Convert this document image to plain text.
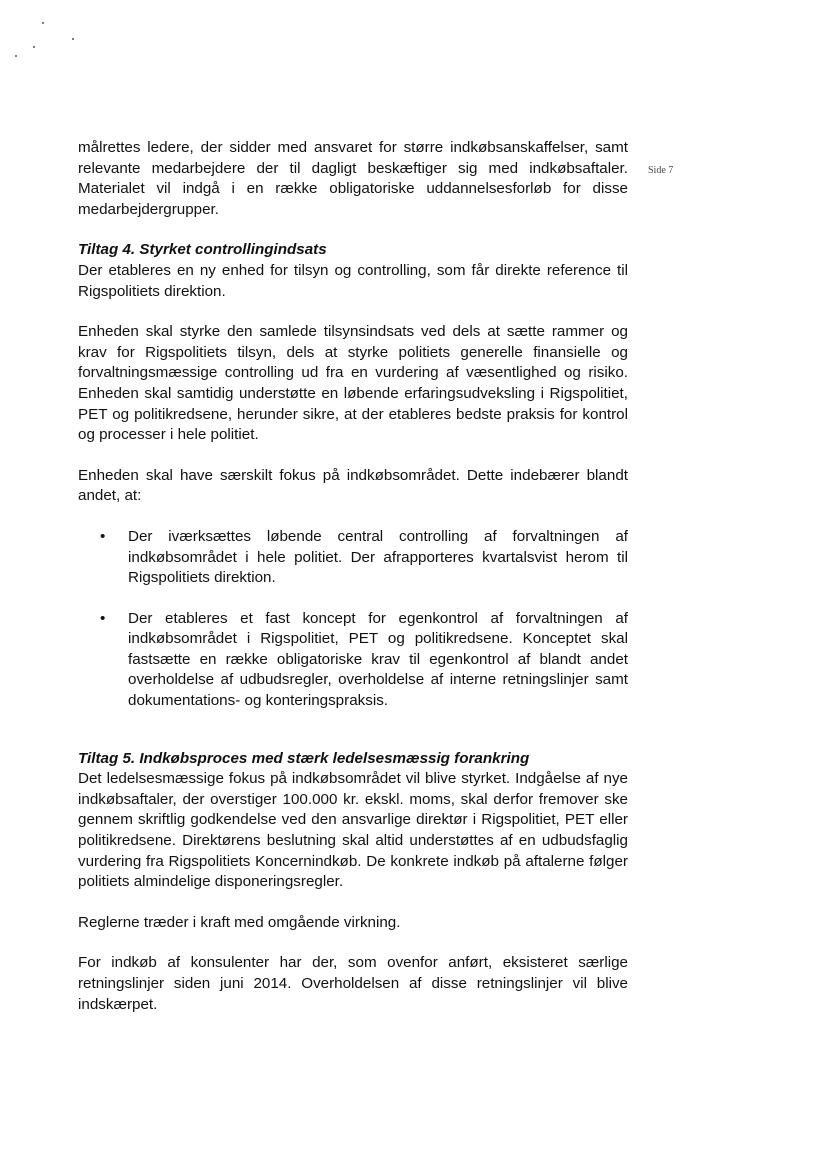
Side 7

målrettes ledere, der sidder med ansvaret for større indkøbsanskaffelser, samt relevante medarbejdere der til dagligt beskæftiger sig med indkøbsaftaler. Materialet vil indgå i en række obligatoriske uddannelsesforløb for disse medarbejdergrupper.

Tiltag 4. Styrket controllingindsats

Der etableres en ny enhed for tilsyn og controlling, som får direkte reference til Rigspolitiets direktion.

Enheden skal styrke den samlede tilsynsindsats ved dels at sætte rammer og krav for Rigspolitiets tilsyn, dels at styrke politiets generelle finansielle og forvaltningsmæssige controlling ud fra en vurdering af væsentlighed og risiko. Enheden skal samtidig understøtte en løbende erfaringsudveksling i Rigspolitiet, PET og politikredsene, herunder sikre, at der etableres bedste praksis for kontrol og processer i hele politiet.

Enheden skal have særskilt fokus på indkøbsområdet. Dette indebærer blandt andet, at:

• Der iværksættes løbende central controlling af forvaltningen af indkøbsområdet i hele politiet. Der afrapporteres kvartalsvist herom til Rigspolitiets direktion.
• Der etableres et fast koncept for egenkontrol af forvaltningen af indkøbsområdet i Rigspolitiet, PET og politikredsene. Konceptet skal fastsætte en række obligatoriske krav til egenkontrol af blandt andet overholdelse af udbudsregler, overholdelse af interne retningslinjer samt dokumentations- og konteringspraksis.

Tiltag 5. Indkøbsproces med stærk ledelsesmæssig forankring

Det ledelsesmæssige fokus på indkøbsområdet vil blive styrket. Indgåelse af nye indkøbsaftaler, der overstiger 100.000 kr. ekskl. moms, skal derfor fremover ske gennem skriftlig godkendelse ved den ansvarlige direktør i Rigspolitiet, PET eller politikredsene. Direktørens beslutning skal altid understøttes af en udbudsfaglig vurdering fra Rigspolitiets Koncernindkøb. De konkrete indkøb på aftalerne følger politiets almindelige disponeringsregler.

Reglerne træder i kraft med omgående virkning.

For indkøb af konsulenter har der, som ovenfor anført, eksisteret særlige retningslinjer siden juni 2014. Overholdelsen af disse retningslinjer vil blive indskærpet.
